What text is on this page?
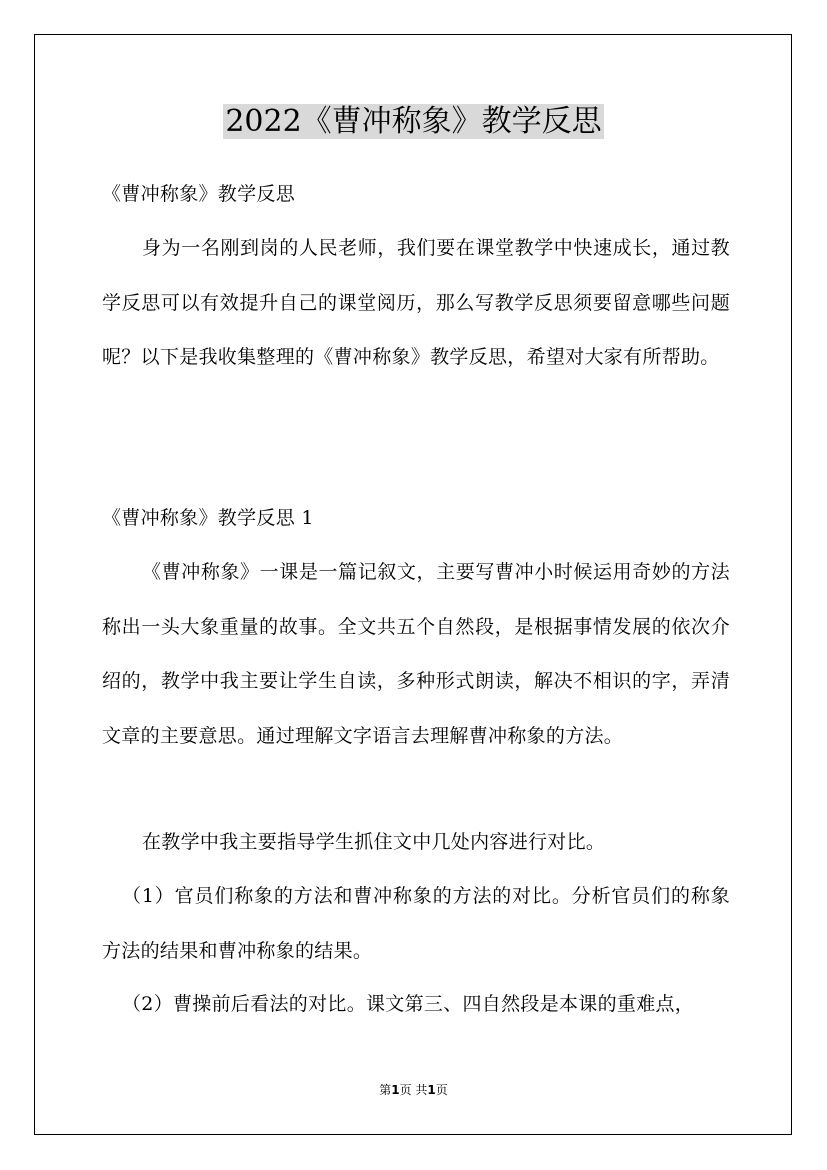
2022《曹冲称象》教学反思

《曹冲称象》教学反思

身为一名刚到岗的人民老师，我们要在课堂教学中快速成长，通过教学反思可以有效提升自己的课堂阅历，那么写教学反思须要留意哪些问题呢？以下是我收集整理的《曹冲称象》教学反思，希望对大家有所帮助。

《曹冲称象》教学反思 1

《曹冲称象》一课是一篇记叙文，主要写曹冲小时候运用奇妙的方法称出一头大象重量的故事。全文共五个自然段，是根据事情发展的依次介绍的，教学中我主要让学生自读，多种形式朗读，解决不相识的字，弄清文章的主要意思。通过理解文字语言去理解曹冲称象的方法。

在教学中我主要指导学生抓住文中几处内容进行对比。

（1）官员们称象的方法和曹冲称象的方法的对比。分析官员们的称象方法的结果和曹冲称象的结果。

（2）曹操前后看法的对比。课文第三、四自然段是本课的重难点，

第1页 共1页
